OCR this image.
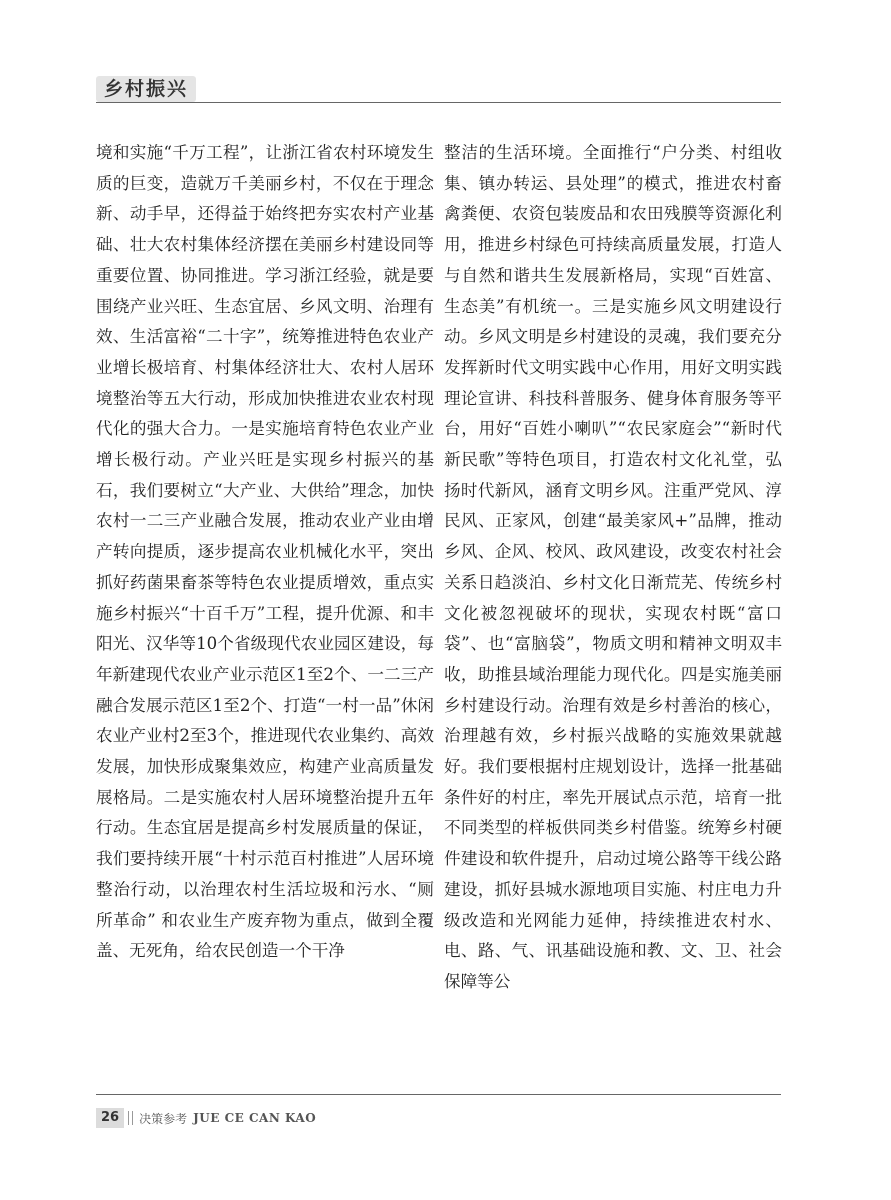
乡村振兴

境和实施“千万工程”，让浙江省农村环境发生质的巨变，造就万千美丽乡村，不仅在于理念新、动手早，还得益于始终把夯实农村产业基础、壮大农村集体经济摆在美丽乡村建设同等重要位置、协同推进。学习浙江经验，就是要围绕产业兴旺、生态宜居、乡风文明、治理有效、生活富裕“二十字”，统筹推进特色农业产业增长极培育、村集体经济壮大、农村人居环境整治等五大行动，形成加快推进农业农村现代化的强大合力。一是实施培育特色农业产业增长极行动。产业兴旺是实现乡村振兴的基石，我们要树立“大产业、大供给”理念，加快农村一二三产业融合发展，推动农业产业由增产转向提质，逐步提高农业机械化水平，突出抓好药菌果畜茶等特色农业提质增效，重点实施乡村振兴“十百千万”工程，提升优源、和丰阳光、汉华等10个省级现代农业园区建设，每年新建现代农业产业示范区1至2个、一二三产融合发展示范区1至2个、打造“一村一品”休闲农业产业村2至3个，推进现代农业集约、高效发展，加快形成聚集效应，构建产业高质量发展格局。二是实施农村人居环境整治提升五年行动。生态宜居是提高乡村发展质量的保证，我们要持续开展“十村示范百村推进”人居环境整治行动，以治理农村生活垃圾和污水、“厕所革命” 和农业生产废弃物为重点，做到全覆盖、无死角，给农民创造一个干净

整洁的生活环境。全面推行“户分类、村组收集、镇办转运、县处理”的模式，推进农村畜禽粪便、农资包装废品和农田残膜等资源化利用，推进乡村绿色可持续高质量发展，打造人与自然和谐共生发展新格局，实现“百姓富、生态美”有机统一。三是实施乡风文明建设行动。乡风文明是乡村建设的灵魂，我们要充分发挥新时代文明实践中心作用，用好文明实践理论宣讲、科技科普服务、健身体育服务等平台，用好“百姓小喇叭”“农民家庭会”“新时代新民歌”等特色项目，打造农村文化礼堂，弘扬时代新风，涵育文明乡风。注重严党风、淳民风、正家风，创建“最美家风+”品牌，推动乡风、企风、校风、政风建设，改变农村社会关系日趋淡泊、乡村文化日渐荒芜、传统乡村文化被忽视破坏的现状，实现农村既“富口袋”、也“富脑袋”，物质文明和精神文明双丰收，助推县域治理能力现代化。四是实施美丽乡村建设行动。治理有效是乡村善治的核心，治理越有效，乡村振兴战略的实施效果就越好。我们要根据村庄规划设计，选择一批基础条件好的村庄，率先开展试点示范，培育一批不同类型的样板供同类乡村借鉴。统筹乡村硬件建设和软件提升，启动过境公路等干线公路建设，抓好县城水源地项目实施、村庄电力升级改造和光网能力延伸，持续推进农村水、电、路、气、讯基础设施和教、文、卫、社会保障等公

26	决策参考 JUE CE CAN KAO
